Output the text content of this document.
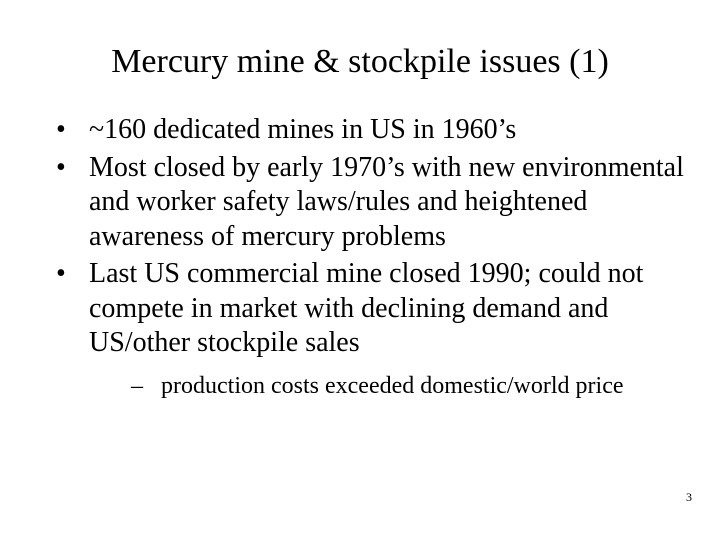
Mercury mine & stockpile issues (1)
• ~160 dedicated mines in US in 1960’s
• Most closed by early 1970’s with new environmental and worker safety laws/rules and heightened awareness of mercury problems
• Last US commercial mine closed 1990; could not compete in market with declining demand and US/other stockpile sales
– production costs exceeded domestic/world price
3
